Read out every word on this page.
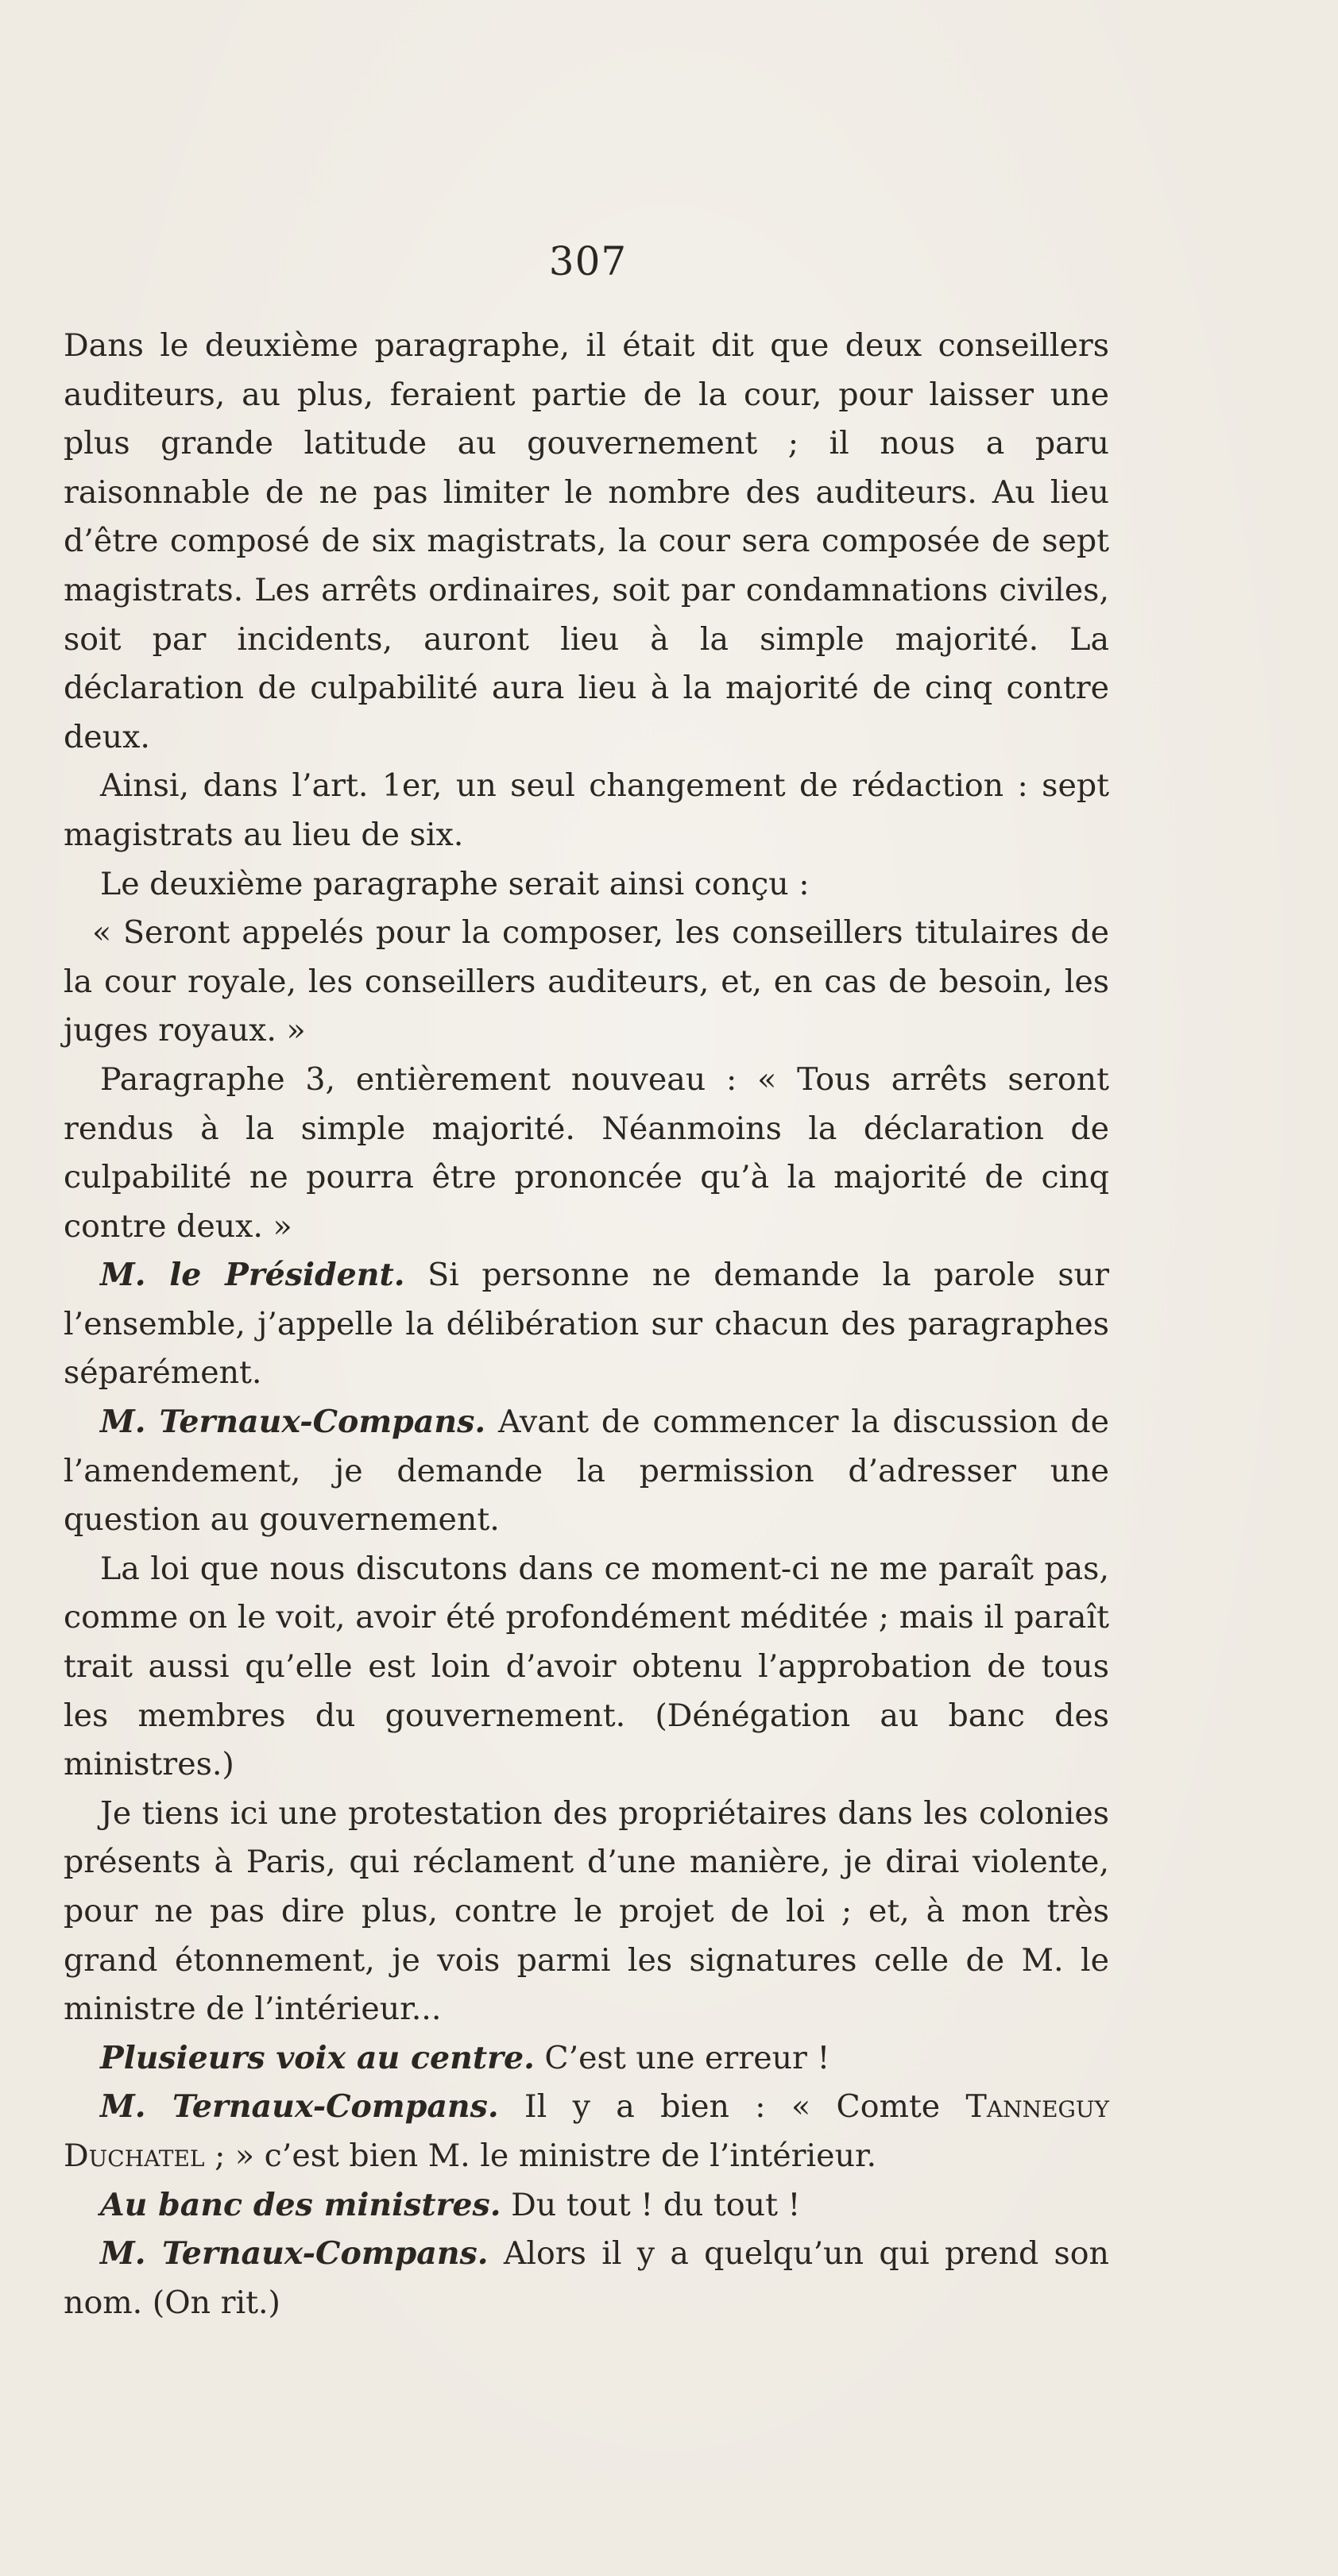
307

Dans le deuxième paragraphe, il était dit que deux conseillers auditeurs, au plus, feraient partie de la cour, pour laisser une plus grande latitude au gouvernement ; il nous a paru raisonnable de ne pas limiter le nombre des auditeurs. Au lieu d’être composé de six magistrats, la cour sera composée de sept magistrats. Les arrêts ordinaires, soit par condamnations civiles, soit par incidents, auront lieu à la simple majorité. La déclaration de culpabilité aura lieu à la majorité de cinq contre deux.

Ainsi, dans l’art. 1er, un seul changement de rédaction : sept magistrats au lieu de six.

Le deuxième paragraphe serait ainsi conçu :

« Seront appelés pour la composer, les conseillers titulaires de la cour royale, les conseillers auditeurs, et, en cas de besoin, les juges royaux. »

Paragraphe 3, entièrement nouveau : « Tous arrêts seront rendus à la simple majorité. Néanmoins la déclaration de culpabilité ne pourra être prononcée qu’à la majorité de cinq contre deux. »

M. le Président. Si personne ne demande la parole sur l’ensemble, j’appelle la délibération sur chacun des paragraphes séparément.

M. Ternaux-Compans. Avant de commencer la discussion de l’amendement, je demande la permission d’adresser une question au gouvernement.

La loi que nous discutons dans ce moment-ci ne me paraît pas, comme on le voit, avoir été profondément méditée ; mais il paraît trait aussi qu’elle est loin d’avoir obtenu l’approbation de tous les membres du gouvernement. (Dénégation au banc des ministres.)

Je tiens ici une protestation des propriétaires dans les colonies présents à Paris, qui réclament d’une manière, je dirai violente, pour ne pas dire plus, contre le projet de loi ; et, à mon très grand étonnement, je vois parmi les signatures celle de M. le ministre de l’intérieur...

Plusieurs voix au centre. C’est une erreur !

M. Ternaux-Compans. Il y a bien : « Comte Tanneguy Duchatel ; » c’est bien M. le ministre de l’intérieur.

Au banc des ministres. Du tout ! du tout !

M. Ternaux-Compans. Alors il y a quelqu’un qui prend son nom. (On rit.)
